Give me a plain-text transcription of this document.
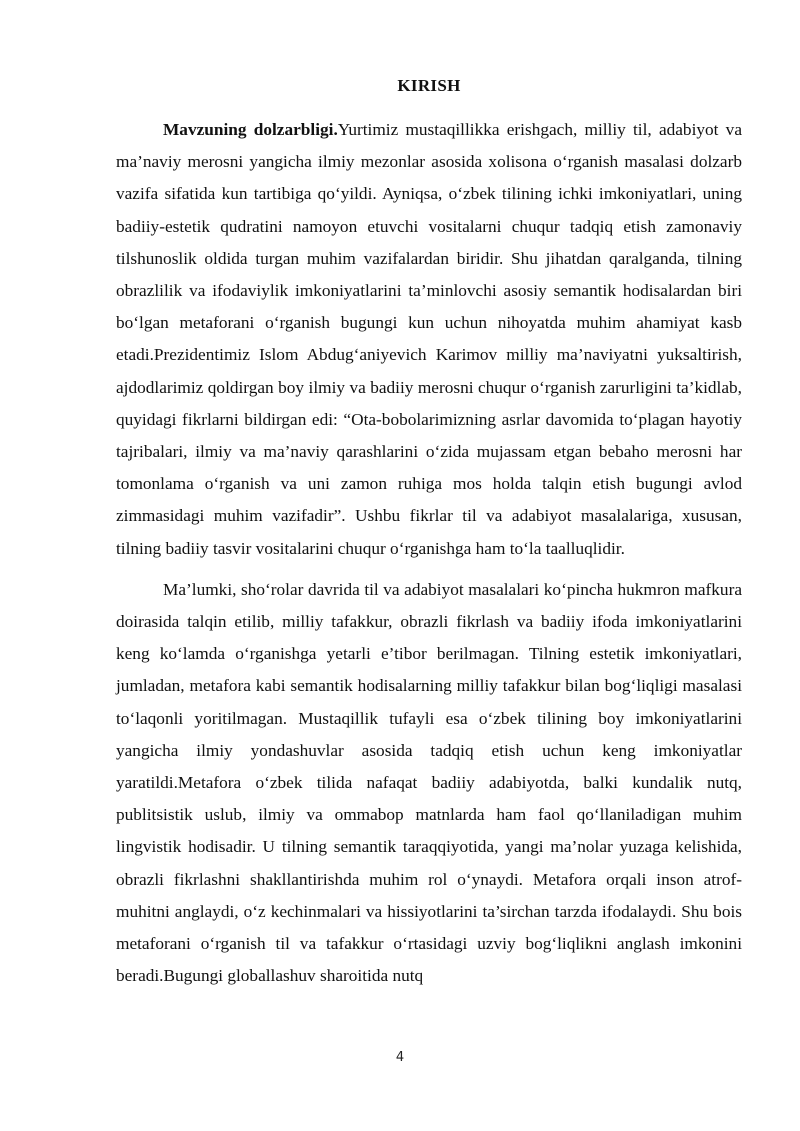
KIRISH

Mavzuning dolzarbligi.Yurtimiz mustaqillikka erishgach, milliy til, adabiyot va ma’naviy merosni yangicha ilmiy mezonlar asosida xolisona o‘rganish masalasi dolzarb vazifa sifatida kun tartibiga qo‘yildi. Ayniqsa, o‘zbek tilining ichki imkoniyatlari, uning badiiy-estetik qudratini namoyon etuvchi vositalarni chuqur tadqiq etish zamonaviy tilshunoslik oldida turgan muhim vazifalardan biridir. Shu jihatdan qaralganda, tilning obrazlilik va ifodaviylik imkoniyatlarini ta’minlovchi asosiy semantik hodisalardan biri bo‘lgan metaforani o‘rganish bugungi kun uchun nihoyatda muhim ahamiyat kasb etadi.Prezidentimiz Islom Abdug‘aniyevich Karimov milliy ma’naviyatni yuksaltirish, ajdodlarimiz qoldirgan boy ilmiy va badiiy merosni chuqur o‘rganish zarurligini ta’kidlab, quyidagi fikrlarni bildirgan edi: “Ota-bobolarimizning asrlar davomida to‘plagan hayotiy tajribalari, ilmiy va ma’naviy qarashlarini o‘zida mujassam etgan bebaho merosni har tomonlama o‘rganish va uni zamon ruhiga mos holda talqin etish bugungi avlod zimmasidagi muhim vazifadir”. Ushbu fikrlar til va adabiyot masalalariga, xususan, tilning badiiy tasvir vositalarini chuqur o‘rganishga ham to‘la taalluqlidir.

Ma’lumki, sho‘rolar davrida til va adabiyot masalalari ko‘pincha hukmron mafkura doirasida talqin etilib, milliy tafakkur, obrazli fikrlash va badiiy ifoda imkoniyatlarini keng ko‘lamda o‘rganishga yetarli e’tibor berilmagan. Tilning estetik imkoniyatlari, jumladan, metafora kabi semantik hodisalarning milliy tafakkur bilan bog‘liqligi masalasi to‘laqonli yoritilmagan. Mustaqillik tufayli esa o‘zbek tilining boy imkoniyatlarini yangicha ilmiy yondashuvlar asosida tadqiq etish uchun keng imkoniyatlar yaratildi.Metafora o‘zbek tilida nafaqat badiiy adabiyotda, balki kundalik nutq, publitsistik uslub, ilmiy va ommabop matnlarda ham faol qo‘llaniladigan muhim lingvistik hodisadir. U tilning semantik taraqqiyotida, yangi ma’nolar yuzaga kelishida, obrazli fikrlashni shakllantirishda muhim rol o‘ynaydi. Metafora orqali inson atrof-muhitni anglaydi, o‘z kechinmalari va hissiyotlarini ta’sirchan tarzda ifodalaydi. Shu bois metaforani o‘rganish til va tafakkur o‘rtasidagi uzviy bog‘liqlikni anglash imkonini beradi.Bugungi globallashuv sharoitida nutq

4
